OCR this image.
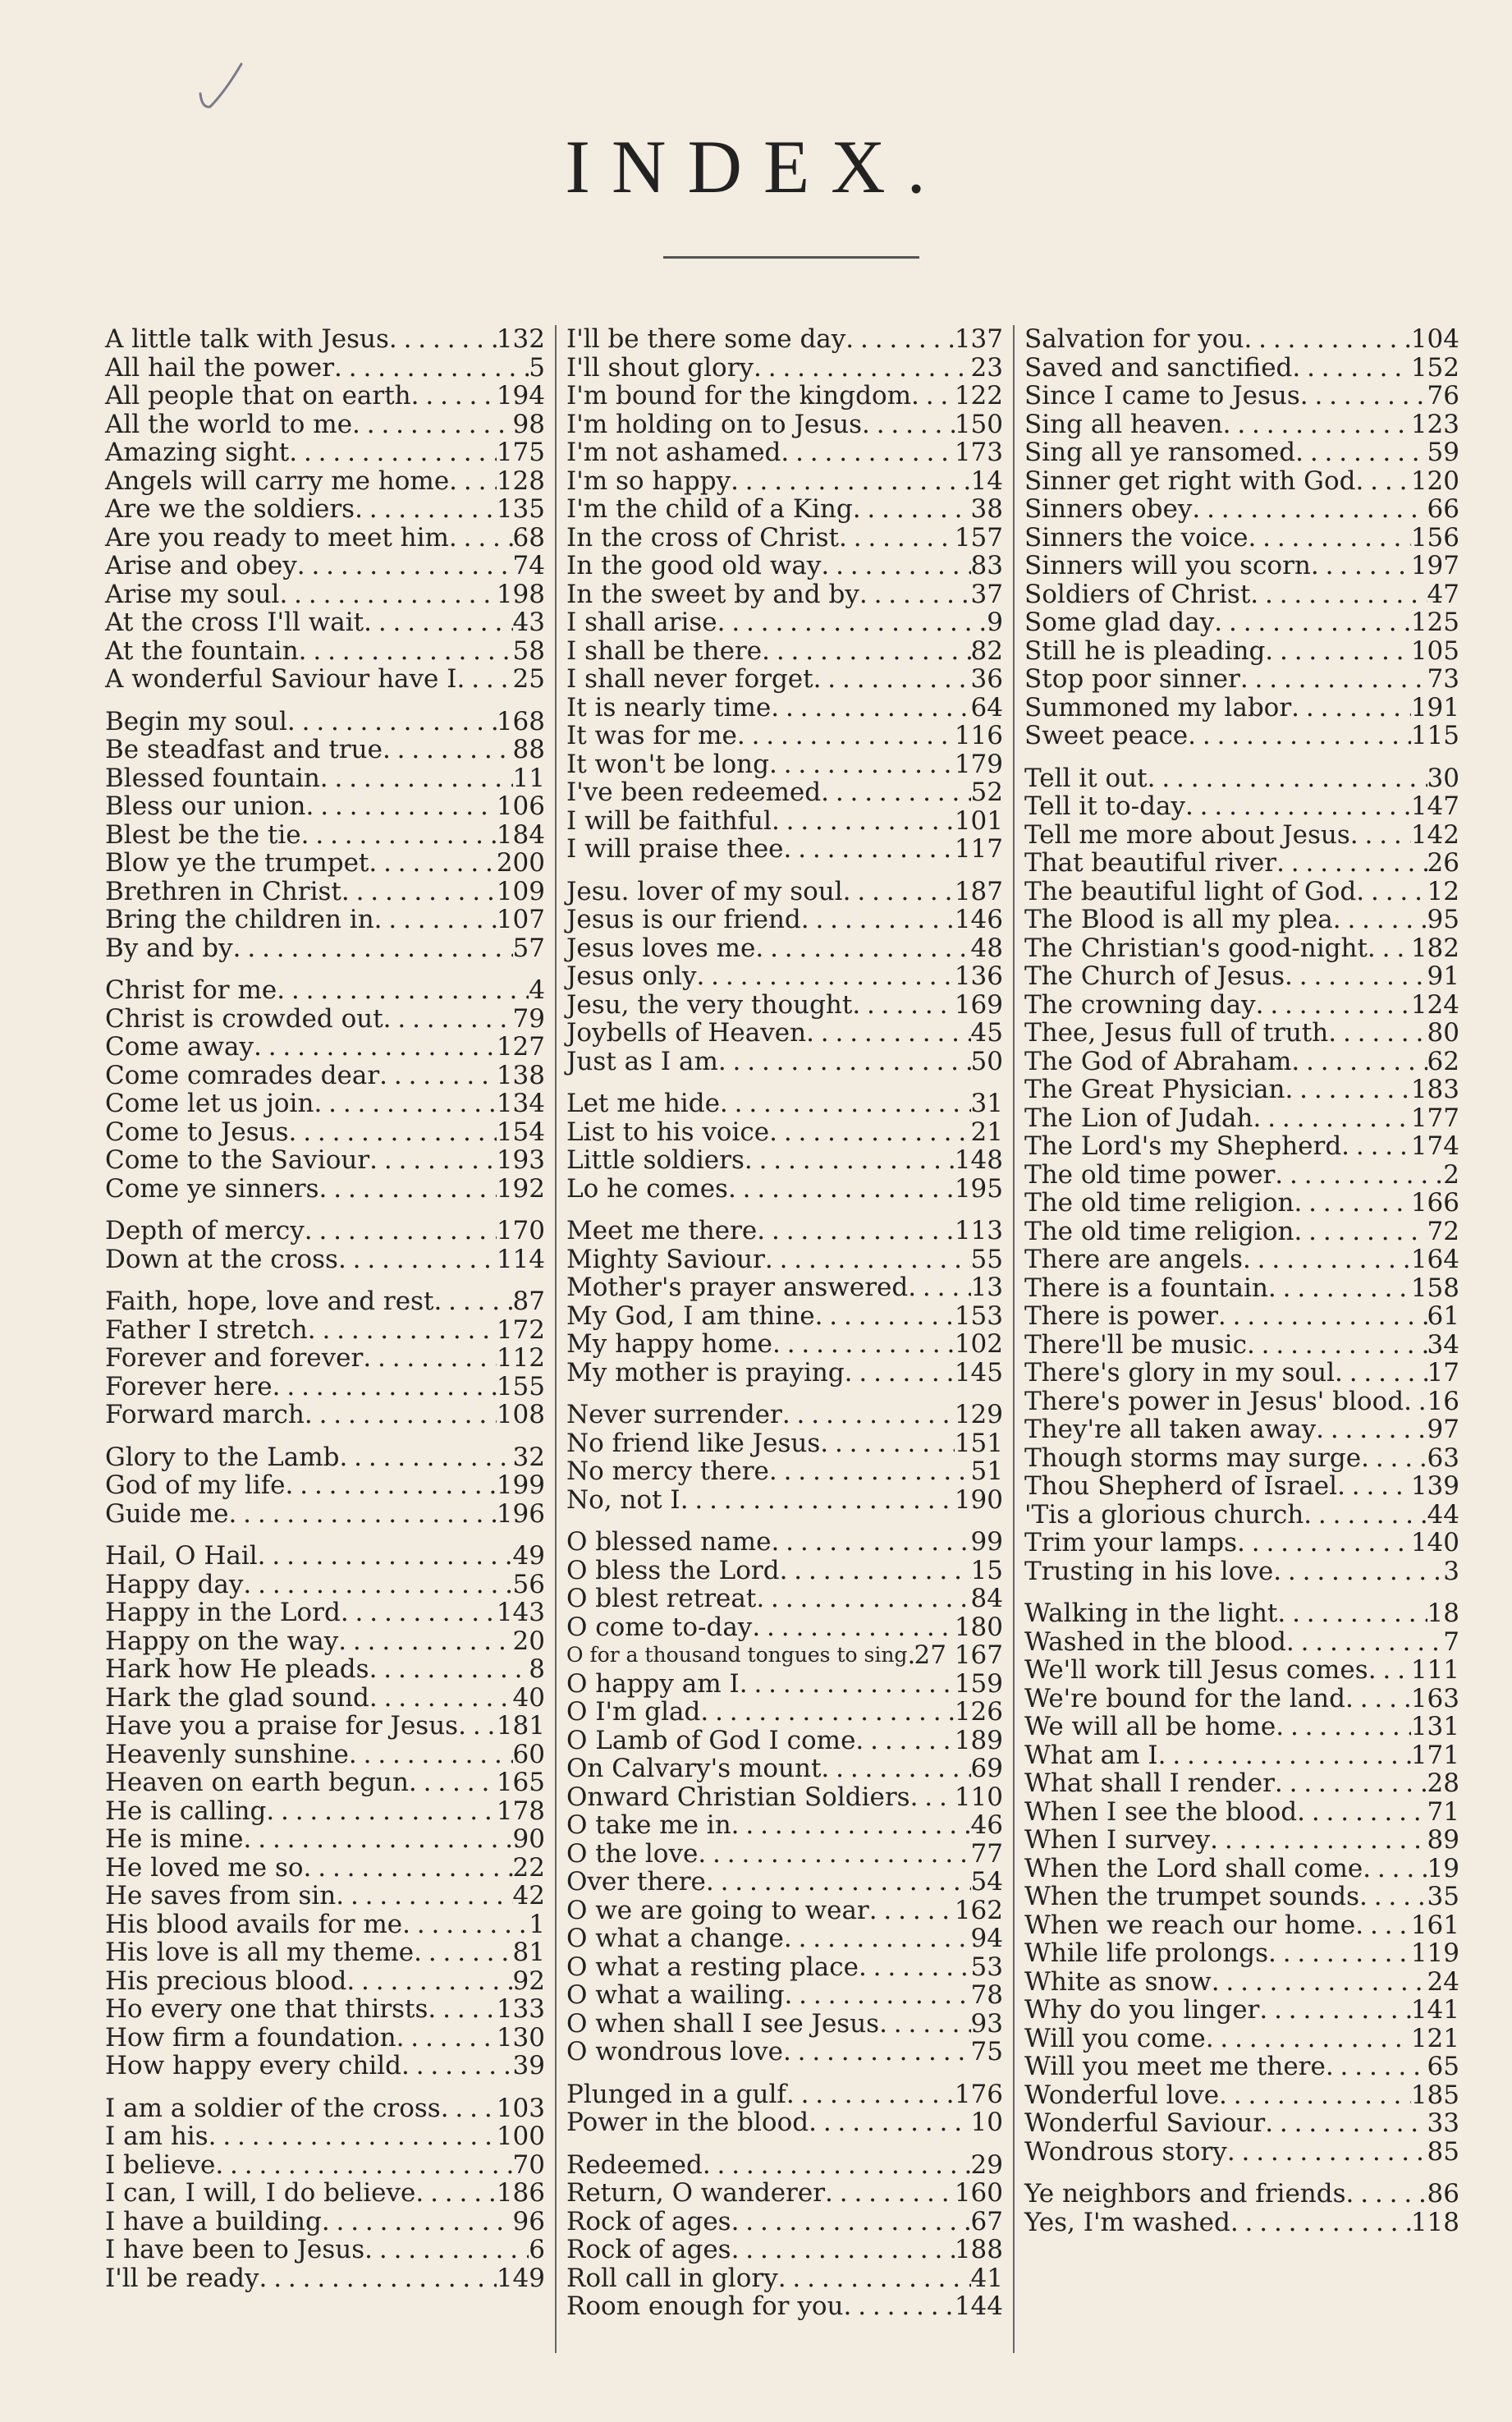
INDEX.
A little talk with Jesus . . .	132
All hail the power . . .	5
All people that on earth . . .	194
All the world to me . . .	98
Amazing sight . . .	175
Angels will carry me home . . . 128
Are we the soldiers . . .	135
Are you ready to meet him . . .	68
Arise and obey . . .	74
Arise my soul . . .	198
At the cross I'll wait . . .	43
At the fountain . . .	58
A wonderful Saviour have I . . . 25
Begin my soul . . .	168
Be steadfast and true . . .	88
Blessed fountain . . .	11
Bless our union . . .	106
Blest be the tie . . .	184
Blow ye the trumpet . . .	200
Brethren in Christ . . .	109
Bring the children in . . .	107
By and by . . .	57
Christ for me . . .	4
Christ is crowded out . . .	79
Come away . . .	127
Come comrades dear . . .	138
Come let us join . . .	134
Come to Jesus . . .	154
Come to the Saviour . . .	193
Come ye sinners . . .	192
Depth of mercy . . .	170
Down at the cross . . .	114
Faith, hope, love and rest . . .	87
Father I stretch . . .	172
Forever and forever . . .	112
Forever here . . .	155
Forward march . . .	108
Glory to the Lamb . . .	32
God of my life . . .	199
Guide me . . .	196
Hail, O Hail . . .	49
Happy day . . .	56
Happy in the Lord . . .	143
Happy on the way . . .	20
Hark how He pleads . . .	8
Hark the glad sound . . .	40
Have you a praise for Jesus . . . 181
Heavenly sunshine . . .	60
Heaven on earth begun . . .	165
He is calling . . .	178
He is mine . . .	90
He loved me so . . .	22
He saves from sin . . .	42
His blood avails for me . . .	1
His love is all my theme . . .	81
His precious blood . . .	92
Ho every one that thirsts . . .	133
How firm a foundation . . .	130
How happy every child . . .	39
I am a soldier of the cross . . . 103
I am his . . .	100
I believe . . .	70
I can, I will, I do believe . . .	186
I have a building . . .	96
I have been to Jesus . . .	6
I'll be ready . . .	149
I'll be there some day . . .	137
I'll shout glory . . .	23
I'm bound for the kingdom . . . 122
I'm holding on to Jesus . . .	150
I'm not ashamed . . .	173
I'm so happy . . .	14
I'm the child of a King . . .	38
In the cross of Christ . . .	157
In the good old way . . .	83
In the sweet by and by . . .	37
I shall arise . . .	9
I shall be there . . .	82
I shall never forget . . .	36
It is nearly time . . .	64
It was for me . . .	116
It won't be long . . .	179
I've been redeemed . . .	52
I will be faithful . . .	101
I will praise thee . . .	117
Jesu. lover of my soul . . .	187
Jesus is our friend . . .	146
Jesus loves me . . .	48
Jesus only . . .	136
Jesu, the very thought . . .	169
Joybells of Heaven . . .	45
Just as I am . . .	50
Let me hide . . .	31
List to his voice . . .	21
Little soldiers . . .	148
Lo he comes . . .	195
Meet me there . . .	113
Mighty Saviour . . .	55
Mother's prayer answered . . . 13
My God, I am thine . . .	153
My happy home . . .	102
My mother is praying . . .	145
Never surrender . . .	129
No friend like Jesus . . .	151
No mercy there . . .	51
No, not I . . .	190
O blessed name . . .	99
O bless the Lord . . .	15
O blest retreat . . .	84
O come to-day . . .	180
O for a thousand tongues to sing . . . 27 167
O happy am I . . .	159
O I'm glad . . .	126
O Lamb of God I come . . .	189
On Calvary's mount . . .	69
Onward Christian Soldiers . . . 110
O take me in . . .	46
O the love . . .	77
Over there . . .	54
O we are going to wear . . .	162
O what a change . . .	94
O what a resting place . . .	53
O what a wailing . . .	78
O when shall I see Jesus . . .	93
O wondrous love . . .	75
Plunged in a gulf . . .	176
Power in the blood . . .	10
Redeemed . . .	29
Return, O wanderer . . .	160
Rock of ages . . .	67
Rock of ages . . .	188
Roll call in glory . . .	41
Room enough for you . . .	144
Salvation for you . . .	104
Saved and sanctified . . .	152
Since I came to Jesus . . .	76
Sing all heaven . . .	123
Sing all ye ransomed . . .	59
Sinner get right with God . . . 120
Sinners obey . . .	66
Sinners the voice . . .	156
Sinners will you scorn . . .	197
Soldiers of Christ . . .	47
Some glad day . . .	125
Still he is pleading . . .	105
Stop poor sinner . . .	73
Summoned my labor . . .	191
Sweet peace . . .	115
Tell it out . . .	30
Tell it to-day . . .	147
Tell me more about Jesus . . . 142
That beautiful river . . .	26
The beautiful light of God . . .	12
The Blood is all my plea . . .	95
The Christian's good-night . . . 182
The Church of Jesus . . .	91
The crowning day . . .	124
Thee, Jesus full of truth . . .	80
The God of Abraham . . .	62
The Great Physician . . .	183
The Lion of Judah . . .	177
The Lord's my Shepherd . . .	174
The old time power . . .	2
The old time religion . . .	166
The old time religion . . .	72
There are angels . . .	164
There is a fountain . . .	158
There is power . . .	61
There'll be music . . .	34
There's glory in my soul . . .	17
There's power in Jesus' blood . . . 16
They're all taken away . . .	97
Though storms may surge . . .	63
Thou Shepherd of Israel . . .	139
'Tis a glorious church . . .	44
Trim your lamps . . .	140
Trusting in his love . . .	3
Walking in the light . . .	18
Washed in the blood . . .	7
We'll work till Jesus comes . . . 111
We're bound for the land . . .	163
We will all be home . . .	131
What am I . . .	171
What shall I render . . .	28
When I see the blood . . .	71
When I survey . . .	89
When the Lord shall come . . .	19
When the trumpet sounds . . .	35
When we reach our home . . . 161
While life prolongs . . .	119
White as snow . . .	24
Why do you linger . . .	141
Will you come . . .	121
Will you meet me there . . .	65
Wonderful love . . .	185
Wonderful Saviour . . .	33
Wondrous story . . .	85
Ye neighbors and friends . . .	86
Yes, I'm washed . . .	118
